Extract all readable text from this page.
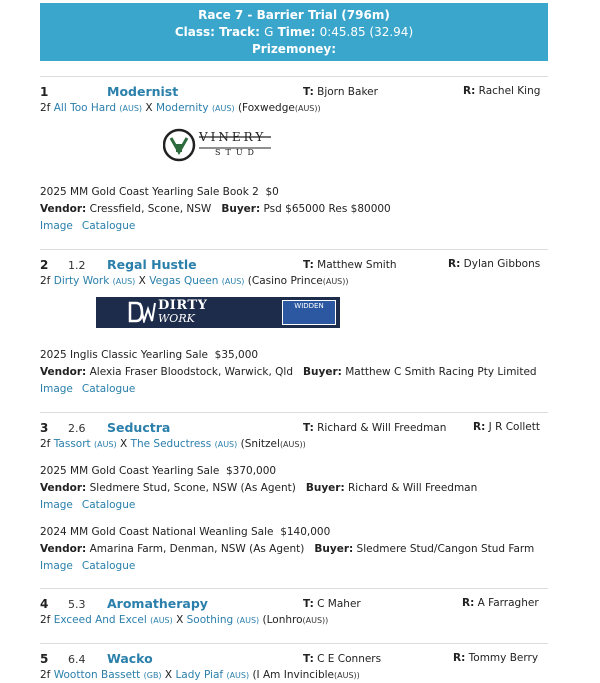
Race 7 - Barrier Trial (796m)
Class: Track: G Time: 0:45.85 (32.94)
Prizemoney:
1	Modernist	T: Bjorn Baker	R: Rachel King
2f All Too Hard (AUS) X Modernity (AUS) (Foxwedge(AUS))
VINERY
STUD
2025 MM Gold Coast Yearling Sale Book 2 $0
Vendor: Cressfield, Scone, NSW Buyer: Psd $65000 Res $80000
Image Catalogue
2 1.2 Regal Hustle	T: Matthew Smith	R: Dylan Gibbons
2f Dirty Work (AUS) X Vegas Queen (AUS) (Casino Prince(AUS))
DIRTY
WORK
WIDDEN
2025 Inglis Classic Yearling Sale $35,000
Vendor: Alexia Fraser Bloodstock, Warwick, Qld Buyer: Matthew C Smith Racing Pty Limited
Image Catalogue
3 2.6 Seductra	T: Richard & Will Freedman	R: J R Collett
2f Tassort (AUS) X The Seductress (AUS) (Snitzel(AUS))
2025 MM Gold Coast Yearling Sale $370,000
Vendor: Sledmere Stud, Scone, NSW (As Agent) Buyer: Richard & Will Freedman
Image Catalogue
2024 MM Gold Coast National Weanling Sale $140,000
Vendor: Amarina Farm, Denman, NSW (As Agent) Buyer: Sledmere Stud/Cangon Stud Farm
Image Catalogue
4 5.3 Aromatherapy	T: C Maher	R: A Farragher
2f Exceed And Excel (AUS) X Soothing (AUS) (Lonhro(AUS))
5 6.4 Wacko	T: C E Conners	R: Tommy Berry
2f Wootton Bassett (GB) X Lady Piaf (AUS) (I Am Invincible(AUS))
